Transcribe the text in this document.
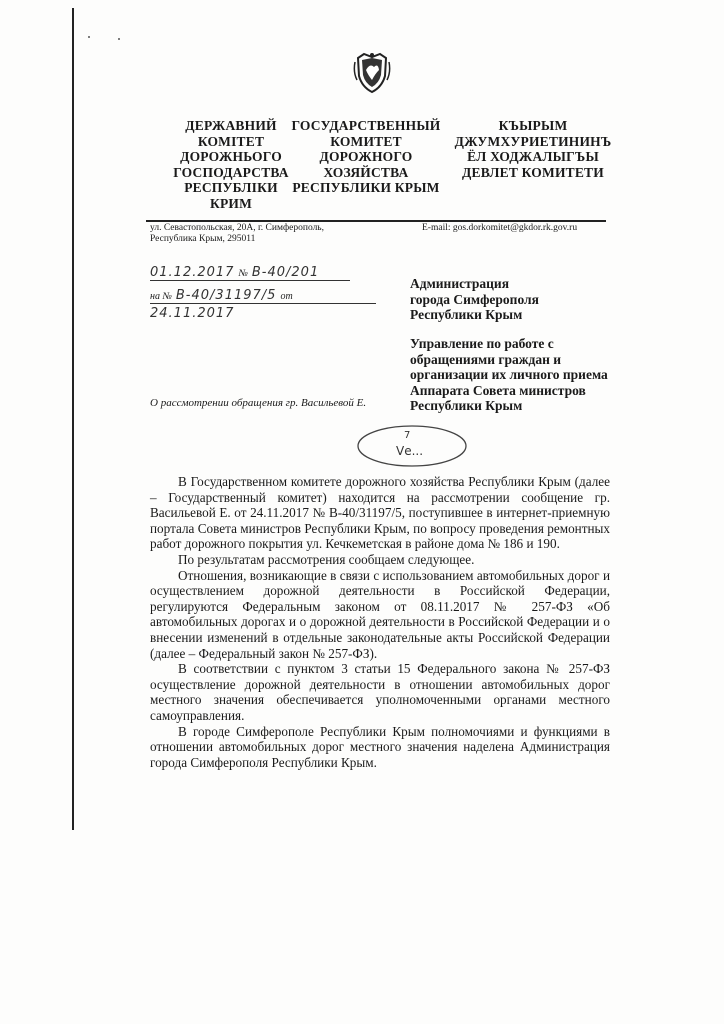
ДЕРЖАВНИЙ
КОМІТЕТ
ДОРОЖНЬОГО
ГОСПОДАРСТВА
РЕСПУБЛІКИ
КРИМ
ГОСУДАРСТВЕННЫЙ
КОМИТЕТ
ДОРОЖНОГО
ХОЗЯЙСТВА
РЕСПУБЛИКИ КРЫМ
КЪЫРЫМ
ДЖУМХУРИЕТИНИНЪ
ЁЛ ХОДЖАЛЫГЪЫ
ДЕВЛЕТ КОМИТЕТИ
ул. Севастопольская, 20А, г. Симферополь,
Республика Крым, 295011
E-mail: gos.dorkomitet@gkdor.rk.gov.ru
01.12.2017 № В-40/201
на № В-40/31197/5 от 24.11.2017
Администрация
города Симферополя
Республики Крым
Управление по работе с
обращениями граждан и
организации их личного приема
Аппарата Совета министров
Республики Крым
О рассмотрении обращения гр. Васильевой Е.
7
Vе...

В Государственном комитете дорожного хозяйства Республики Крым (далее – Государственный комитет) находится на рассмотрении сообщение гр. Васильевой Е. от 24.11.2017 № В-40/31197/5, поступившее в интернет-приемную портала Совета министров Республики Крым, по вопросу проведения ремонтных работ дорожного покрытия ул. Кечкеметская в районе дома № 186 и 190.

По результатам рассмотрения сообщаем следующее.

Отношения, возникающие в связи с использованием автомобильных дорог и осуществлением дорожной деятельности в Российской Федерации, регулируются Федеральным законом от 08.11.2017 № 257-ФЗ «Об автомобильных дорогах и о дорожной деятельности в Российской Федерации и о внесении изменений в отдельные законодательные акты Российской Федерации (далее – Федеральный закон № 257-ФЗ).

В соответствии с пунктом 3 статьи 15 Федерального закона № 257-ФЗ осуществление дорожной деятельности в отношении автомобильных дорог местного значения обеспечивается уполномоченными органами местного самоуправления.

В городе Симферополе Республики Крым полномочиями и функциями в отношении автомобильных дорог местного значения наделена Администрация города Симферополя Республики Крым.
